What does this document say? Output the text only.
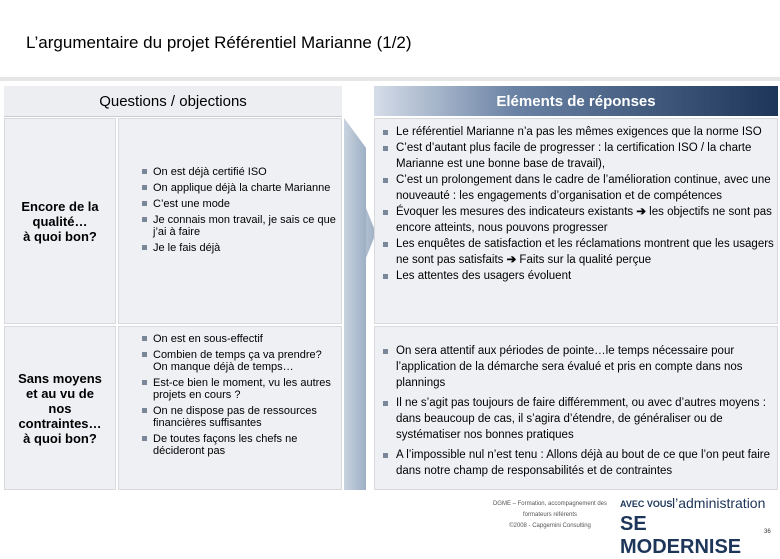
L’argumentaire du projet Référentiel Marianne (1/2)
Questions / objections	Eléments de réponses
Encore de la
qualité…
à quoi bon?
On est déjà certifié ISO
On applique déjà la charte Marianne
C’est une mode
Je connais mon travail, je sais ce que j’ai à faire
Je le fais déjà
Le référentiel Marianne n’a pas les mêmes exigences que la norme ISO
C’est d’autant plus facile de progresser : la certification ISO / la charte Marianne est une bonne base de travail),
C’est un prolongement dans le cadre de l’amélioration continue, avec une nouveauté : les engagements d’organisation et de compétences
Évoquer les mesures des indicateurs existants ➔ les objectifs ne sont pas encore atteints, nous pouvons progresser
Les enquêtes de satisfaction et les réclamations montrent que les usagers ne sont pas satisfaits ➔ Faits sur la qualité perçue
Les attentes des usagers évoluent
Sans moyens
et au vu de
nos
contraintes…
à quoi bon?
On est en sous-effectif
Combien de temps ça va prendre? On manque déjà de temps…
Est-ce bien le moment, vu les autres projets en cours ?
On ne dispose pas de ressources financières suffisantes
De toutes façons les chefs ne décideront pas
On sera attentif aux périodes de pointe…le temps nécessaire pour l’application de la démarche sera évalué et pris en compte dans nos plannings
Il ne s’agit pas toujours de faire différemment, ou avec d’autres moyens : dans beaucoup de cas, il s’agira d’étendre, de généraliser ou de systématiser nos bonnes pratiques
A l’impossible nul n’est tenu : Allons déjà au bout de ce que l’on peut faire dans notre champ de responsabilités et de contraintes
DGME – Formation, accompagnement des formateurs référents
©2008 - Capgemini Consulting
AVEC VOUS l’administration
SE MODERNISE
36
